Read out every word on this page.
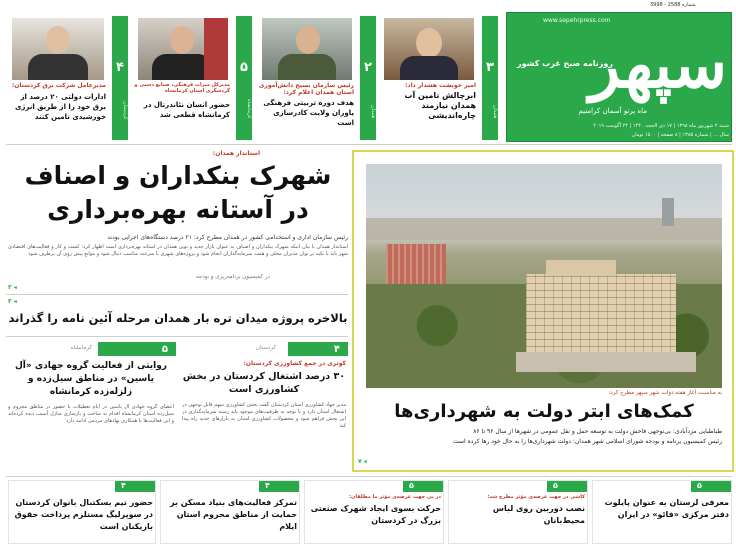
www.sepehrpress.com
سپهر
روزنامه صبح غرب کشور
ماه پرتو آسمان کرامتیم
شنبه ۲ شهریور ماه ۱۳۹۸ | ۱۷ ذی الحجه ۱۴۴۰ | ۲۴ آگوست ۲۰۱۹
سال ... | شماره ۱۳۸۵ | ۸ صفحه | ۱۵۰۰ تومان
شماره 2588 - 3998
۳
همدان
امیر خوبشت هشدار داد:
ابرچالش تامین آب همدان نیازمند چاره‌اندیشی
۲
همدان
رئیس سازمان بسیج دانش‌آموزی استان همدان اعلام کرد:
هدف دوره تربیتی فرهنگی یاوران ولایت کادرسازی است
۵
کرمانشاه
مدیرکل میراث فرهنگی، صنایع دستی و گردشگری استان کرمانشاه
حضور انسان نئاندرتال در کرمانشاه قطعی شد
۴
کردستان
مدیرعامل شرکت برق کردستان:
ادارات دولتی ۲۰ درصد از برق خود را از طریق انرژی خورشیدی تامین کنند
استاندار همدان:
شهرک بنکداران و اصناف
در آستانه بهره‌برداری
رئیس سازمان اداری و استخدامی کشور در همدان مطرح کرد: ۲۱ درصد دستگاه‌های اجرایی بودند
استاندار همدان با بیان اینکه شهرک بنکداران و اصناف به عنوان بازار جدید و نوین همدان در آستانه بهره‌برداری است اظهار کرد: کسب و کار و فعالیت‌های اقتصادی شهر باید با تکیه بر توان مدیران محلی و همت سرمایه‌گذاران انجام شود و پروژه‌های شهری با سرعت مناسب دنبال شود و موانع پیش روی آن برطرف شود
در کمیسیون برنامه‌ریزی و بودجه
۳ ◂
۳ ◂
بالاخره پروژه میدان تره بار همدان مرحله آئین نامه را گذراند
۵
کرمانشاه
روایتی از فعالیت گروه جهادی «آل یاسین» در مناطق سیل‌زده و زلزله‌زده کرمانشاه
اعضای گروه جهادی آل یاسین در ایام تعطیلات با حضور در مناطق محروم و سیل‌زده استان کرمانشاه اقدام به ساخت و بازسازی منازل آسیب دیده کرده‌اند و این فعالیت‌ها با همکاری نهادهای مردمی ادامه دارد
۴
کردستان
کوثری در جمع کشاورزی کردستان:
۳۰ درصد اشتغال کردستان در بخش کشاورزی است
مدیر جهاد کشاورزی استان کردستان گفت بخش کشاورزی سهم قابل توجهی در اشتغال استان دارد و با توجه به ظرفیت‌های موجود باید زمینه سرمایه‌گذاری در این بخش فراهم شود و محصولات کشاورزی استان به بازارهای جدید راه پیدا کند
به مناسبت آغاز هفته دولت شهر سپهر مطرح کرد:
کمک‌های ابتر دولت به شهرداری‌ها
طباطبایی مزدآبادی: بی‌توجهی فاحش دولت به توسعه حمل و نقل عمومی در شهرها از سال ۹۶ تا ۸۶
رئیس کمیسیون برنامه و بودجه شورای اسلامی شهر همدان: دولت شهرداری‌ها را به حال خود رها کرده است
۷ ◂
۵
معرفی لرستان به عنوان پایلوت دفتر مرکزی «فائو» در ایران
۵
کاشی در جهت عرضه‌ی مؤثر مطرح شد:
نصب دوربین روی لباس محیط‌بانان
۵
در پی جهت عرضه‌ی مؤثر ما مطلقان:
حرکت بسوی ایجاد شهرک صنعتی بزرگ در کردستان
۴
تمرکز فعالیت‌های بنیاد مسکن بر حمایت از مناطق محروم استان ایلام
۴
حضور تیم بسکتبال بانوان کردستان در سوپرلیگ مستلزم پرداخت حقوق بازیکنان است
